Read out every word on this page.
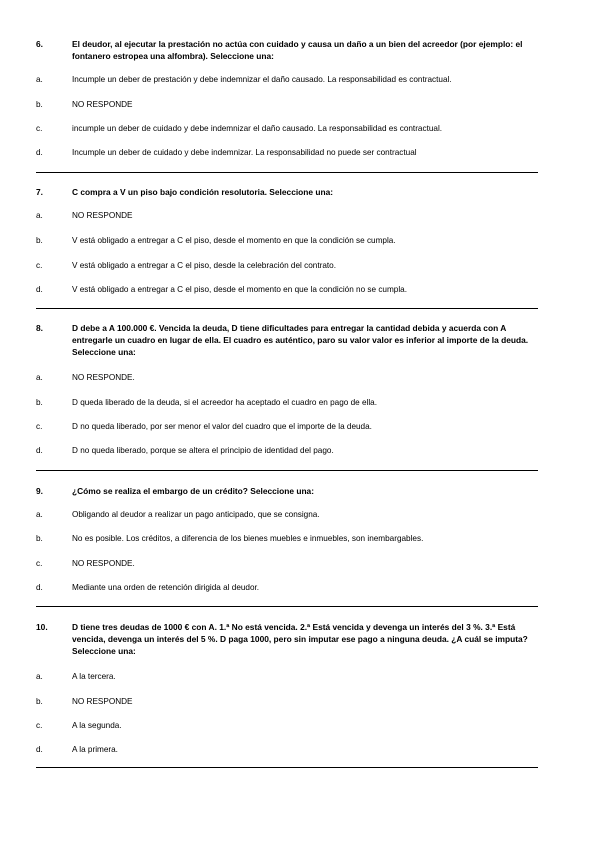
6.	El deudor, al ejecutar la prestación no actúa con cuidado y causa un daño a un bien del acreedor (por ejemplo: el fontanero estropea una alfombra). Seleccione una:

a.	Incumple un deber de prestación y debe indemnizar el daño causado. La responsabilidad es contractual.
b.	NO RESPONDE
c.	incumple un deber de cuidado y debe indemnizar el daño causado. La responsabilidad es contractual.
d.	Incumple un deber de cuidado y debe indemnizar. La responsabilidad no puede ser contractual

7.	C compra a V un piso bajo condición resolutoria. Seleccione una:

a.	NO RESPONDE
b.	V está obligado a entregar a C el piso, desde el momento en que la condición se cumpla.
c.	V está obligado a entregar a C el piso, desde la celebración del contrato.
d.	V está obligado a entregar a C el piso, desde el momento en que la condición no se cumpla.

8.	D debe a A 100.000 €. Vencida la deuda, D tiene dificultades para entregar la cantidad debida y acuerda con A entregarle un cuadro en lugar de ella. El cuadro es auténtico, paro su valor valor es inferior al importe de la deuda. Seleccione una:

a.	NO RESPONDE.
b.	D queda liberado de la deuda, si el acreedor ha aceptado el cuadro en pago de ella.
c.	D no queda liberado, por ser menor el valor del cuadro que el importe de la deuda.
d.	D no queda liberado, porque se altera el principio de identidad del pago.

9.	¿Cómo se realiza el embargo de un crédito? Seleccione una:

a.	Obligando al deudor a realizar un pago anticipado, que se consigna.
b.	No es posible. Los créditos, a diferencia de los bienes muebles e inmuebles, son inembargables.
c.	NO RESPONDE.
d.	Mediante una orden de retención dirigida al deudor.

10.	D tiene tres deudas de 1000 € con A. 1.ª No está vencida. 2.ª Está vencida y devenga un interés del 3 %. 3.ª Está vencida, devenga un interés del 5 %. D paga 1000, pero sin imputar ese pago a ninguna deuda. ¿A cuál se imputa? Seleccione una:

a.	A la tercera.
b.	NO RESPONDE
c.	A la segunda.
d.	A la primera.
